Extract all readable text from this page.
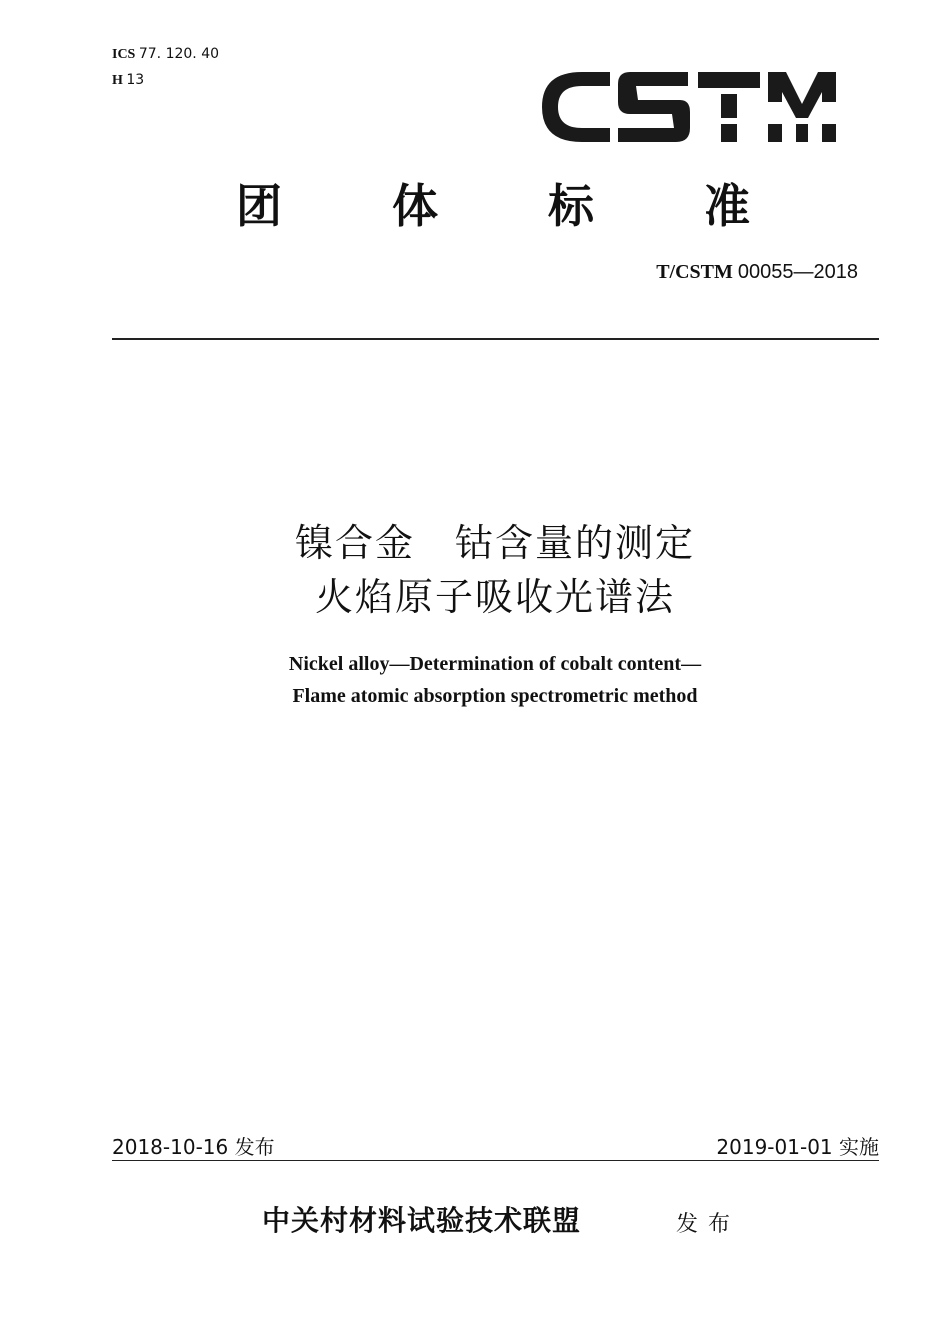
ICS 77. 120. 40
H 13
团 体 标 准
T/CSTM 00055—2018
镍合金　钴含量的测定
火焰原子吸收光谱法
Nickel alloy—Determination of cobalt content—
Flame atomic absorption spectrometric method
2018-10-16 发布	2019-01-01 实施
中关村材料试验技术联盟	发布
